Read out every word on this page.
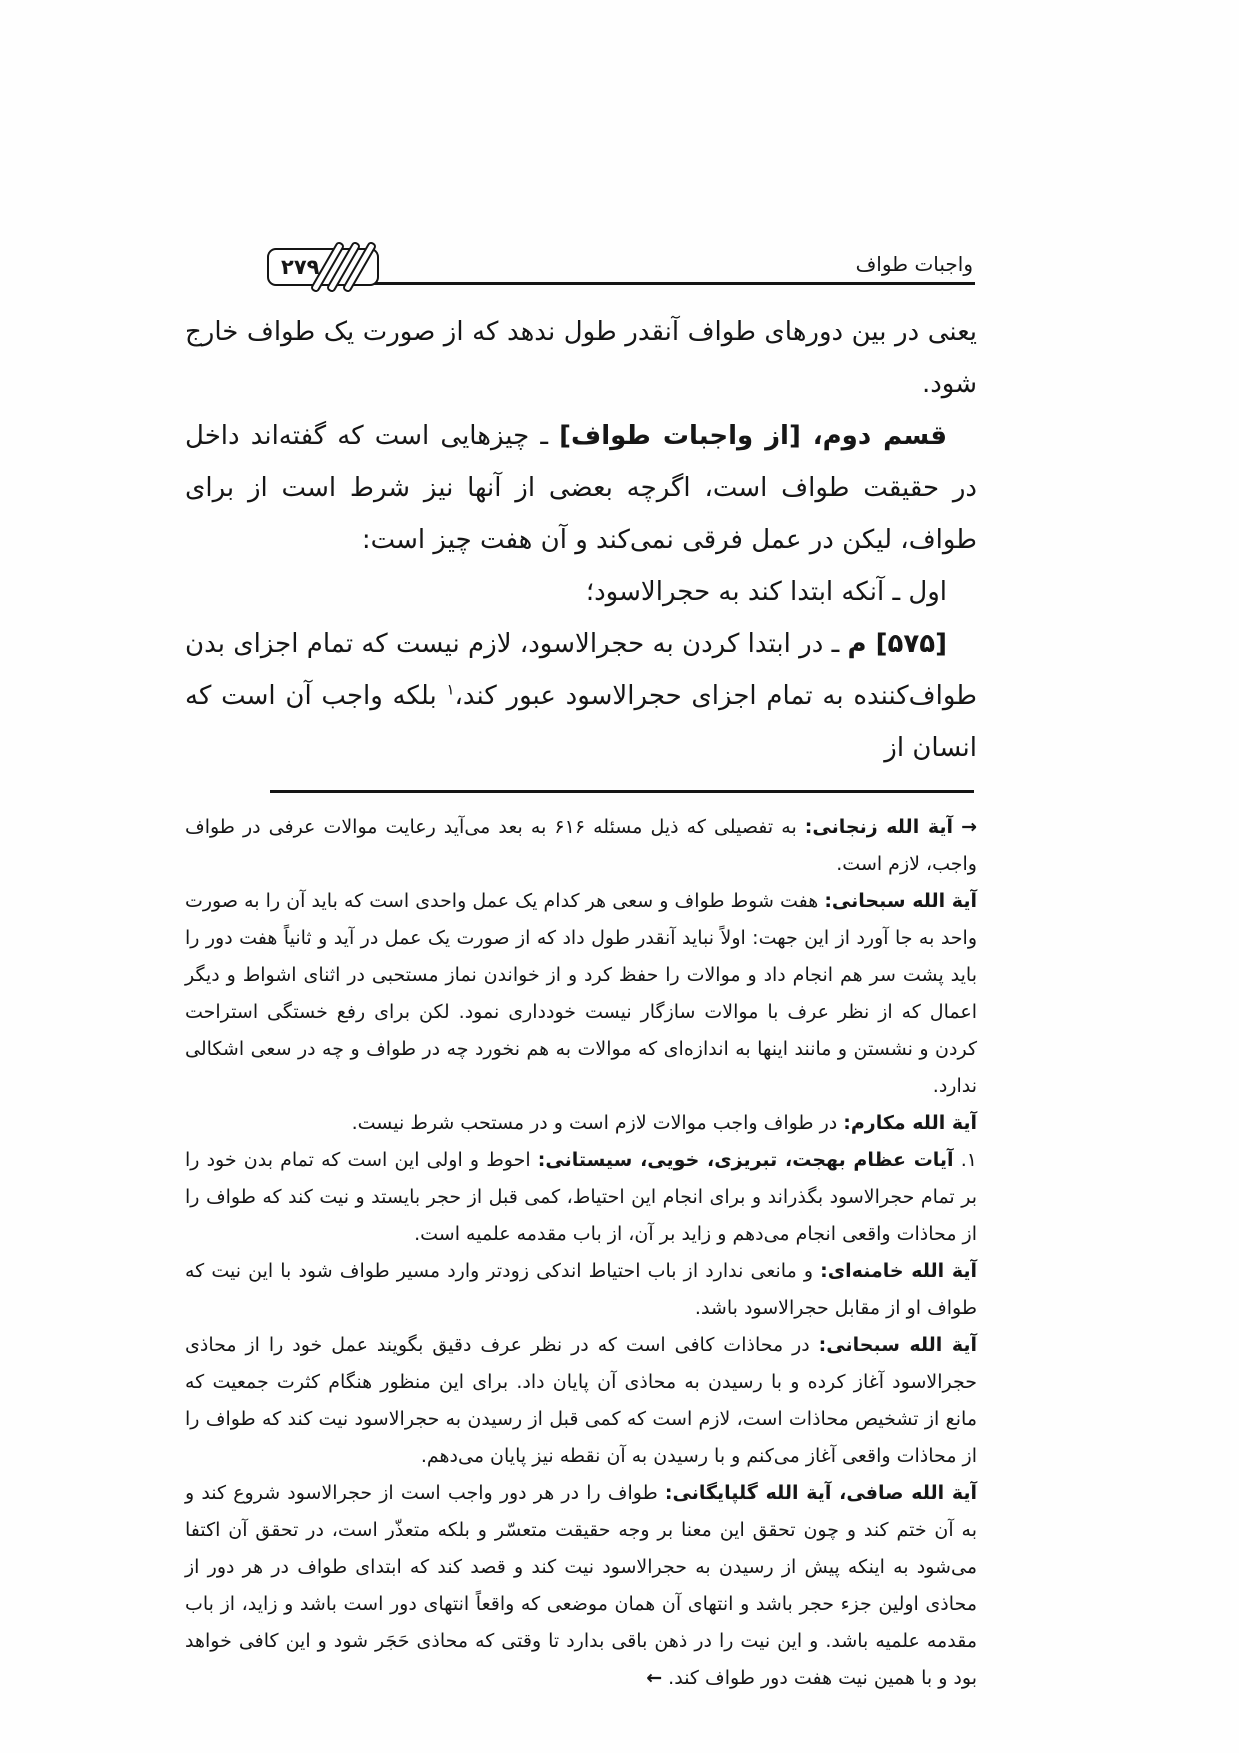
۲۷۹	واجبات طواف

یعنی در بین دورهای طواف آنقدر طول ندهد که از صورت یک طواف خارج شود.

قسم دوم، [از واجبات طواف] ـ چیزهایی است که گفته‌اند داخل در حقیقت طواف است، اگرچه بعضی از آنها نیز شرط است از برای طواف، لیکن در عمل فرقی نمی‌کند و آن هفت چیز است:

اول ـ آنکه ابتدا کند به حجرالاسود؛

[۵۷۵] م ـ در ابتدا کردن به حجرالاسود، لازم نیست که تمام اجزای بدن طواف‌کننده به تمام اجزای حجرالاسود عبور کند،$^۱$ بلکه واجب آن است که انسان از

→ آیة الله زنجانی: به تفصیلی که ذیل مسئله ۶۱۶ به بعد می‌آید رعایت موالات عرفی در طواف واجب، لازم است.

آیة الله سبحانی: هفت شوط طواف و سعی هر کدام یک عمل واحدی است که باید آن را به صورت واحد به جا آورد از این جهت: اولاً نباید آنقدر طول داد که از صورت یک عمل در آید و ثانیاً هفت دور را باید پشت سر هم انجام داد و موالات را حفظ کرد و از خواندن نماز مستحبی در اثنای اشواط و دیگر اعمال که از نظر عرف با موالات سازگار نیست خودداری نمود. لکن برای رفع خستگی استراحت کردن و نشستن و مانند اینها به اندازه‌ای که موالات به هم نخورد چه در طواف و چه در سعی اشکالی ندارد.

آیة الله مکارم: در طواف واجب موالات لازم است و در مستحب شرط نیست.

۱. آیات عظام بهجت، تبریزی، خویی، سیستانی: احوط و اولی این است که تمام بدن خود را بر تمام حجرالاسود بگذراند و برای انجام این احتیاط، کمی قبل از حجر بایستد و نیت کند که طواف را از محاذات واقعی انجام می‌دهم و زاید بر آن، از باب مقدمه علمیه است.

آیة الله خامنه‌ای: و مانعی ندارد از باب احتیاط اندکی زودتر وارد مسیر طواف شود با این نیت که طواف او از مقابل حجرالاسود باشد.

آیة الله سبحانی: در محاذات کافی است که در نظر عرف دقیق بگویند عمل خود را از محاذی حجرالاسود آغاز کرده و با رسیدن به محاذی آن پایان داد. برای این منظور هنگام کثرت جمعیت که مانع از تشخیص محاذات است، لازم است که کمی قبل از رسیدن به حجرالاسود نیت کند که طواف را از محاذات واقعی آغاز می‌کنم و با رسیدن به آن نقطه نیز پایان می‌دهم.

آیة الله صافی، آیة الله گلپایگانی: طواف را در هر دور واجب است از حجرالاسود شروع کند و به آن ختم کند و چون تحقق این معنا بر وجه حقیقت متعسّر و بلکه متعذّر است، در تحقق آن اکتفا می‌شود به اینکه پیش از رسیدن به حجرالاسود نیت کند و قصد کند که ابتدای طواف در هر دور از محاذی اولین جزء حجر باشد و انتهای آن همان موضعی که واقعاً انتهای دور است باشد و زاید، از باب مقدمه علمیه باشد. و این نیت را در ذهن باقی بدارد تا وقتی که محاذی حَجَر شود و این کافی خواهد بود و با همین نیت هفت دور طواف کند. ←
